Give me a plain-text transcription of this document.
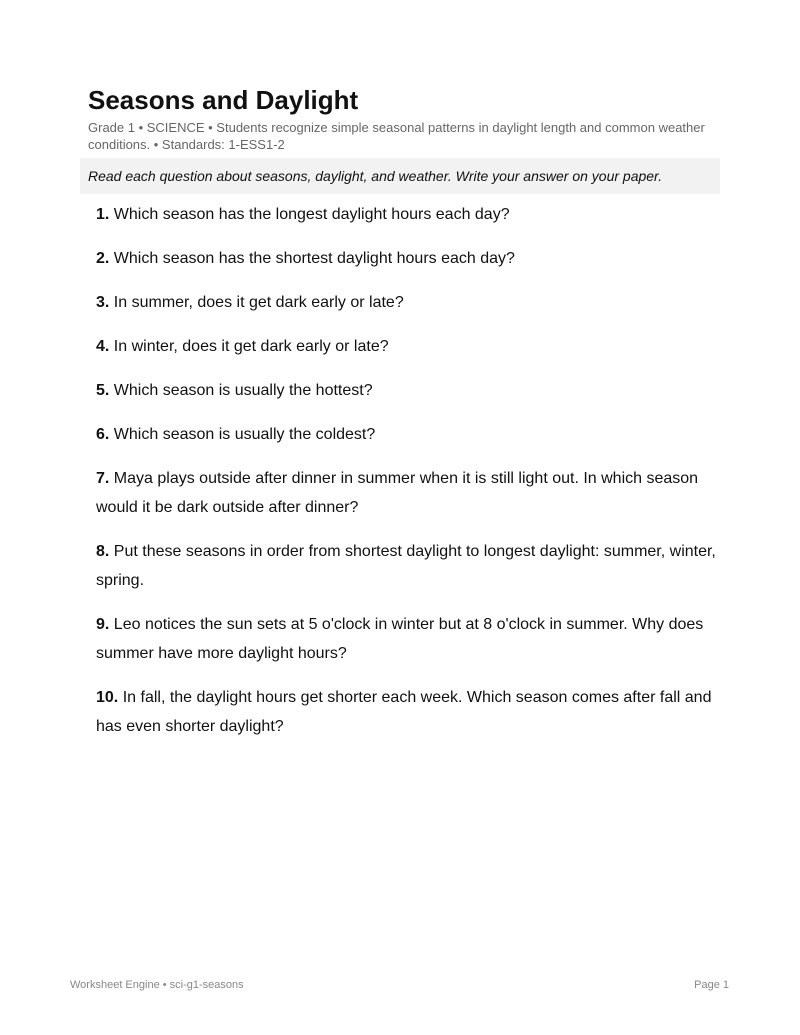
Seasons and Daylight
Grade 1 • SCIENCE • Students recognize simple seasonal patterns in daylight length and common weather conditions. • Standards: 1-ESS1-2
Read each question about seasons, daylight, and weather. Write your answer on your paper.
1. Which season has the longest daylight hours each day?
2. Which season has the shortest daylight hours each day?
3. In summer, does it get dark early or late?
4. In winter, does it get dark early or late?
5. Which season is usually the hottest?
6. Which season is usually the coldest?
7. Maya plays outside after dinner in summer when it is still light out. In which season would it be dark outside after dinner?
8. Put these seasons in order from shortest daylight to longest daylight: summer, winter, spring.
9. Leo notices the sun sets at 5 o'clock in winter but at 8 o'clock in summer. Why does summer have more daylight hours?
10. In fall, the daylight hours get shorter each week. Which season comes after fall and has even shorter daylight?
Worksheet Engine • sci-g1-seasons	Page 1
